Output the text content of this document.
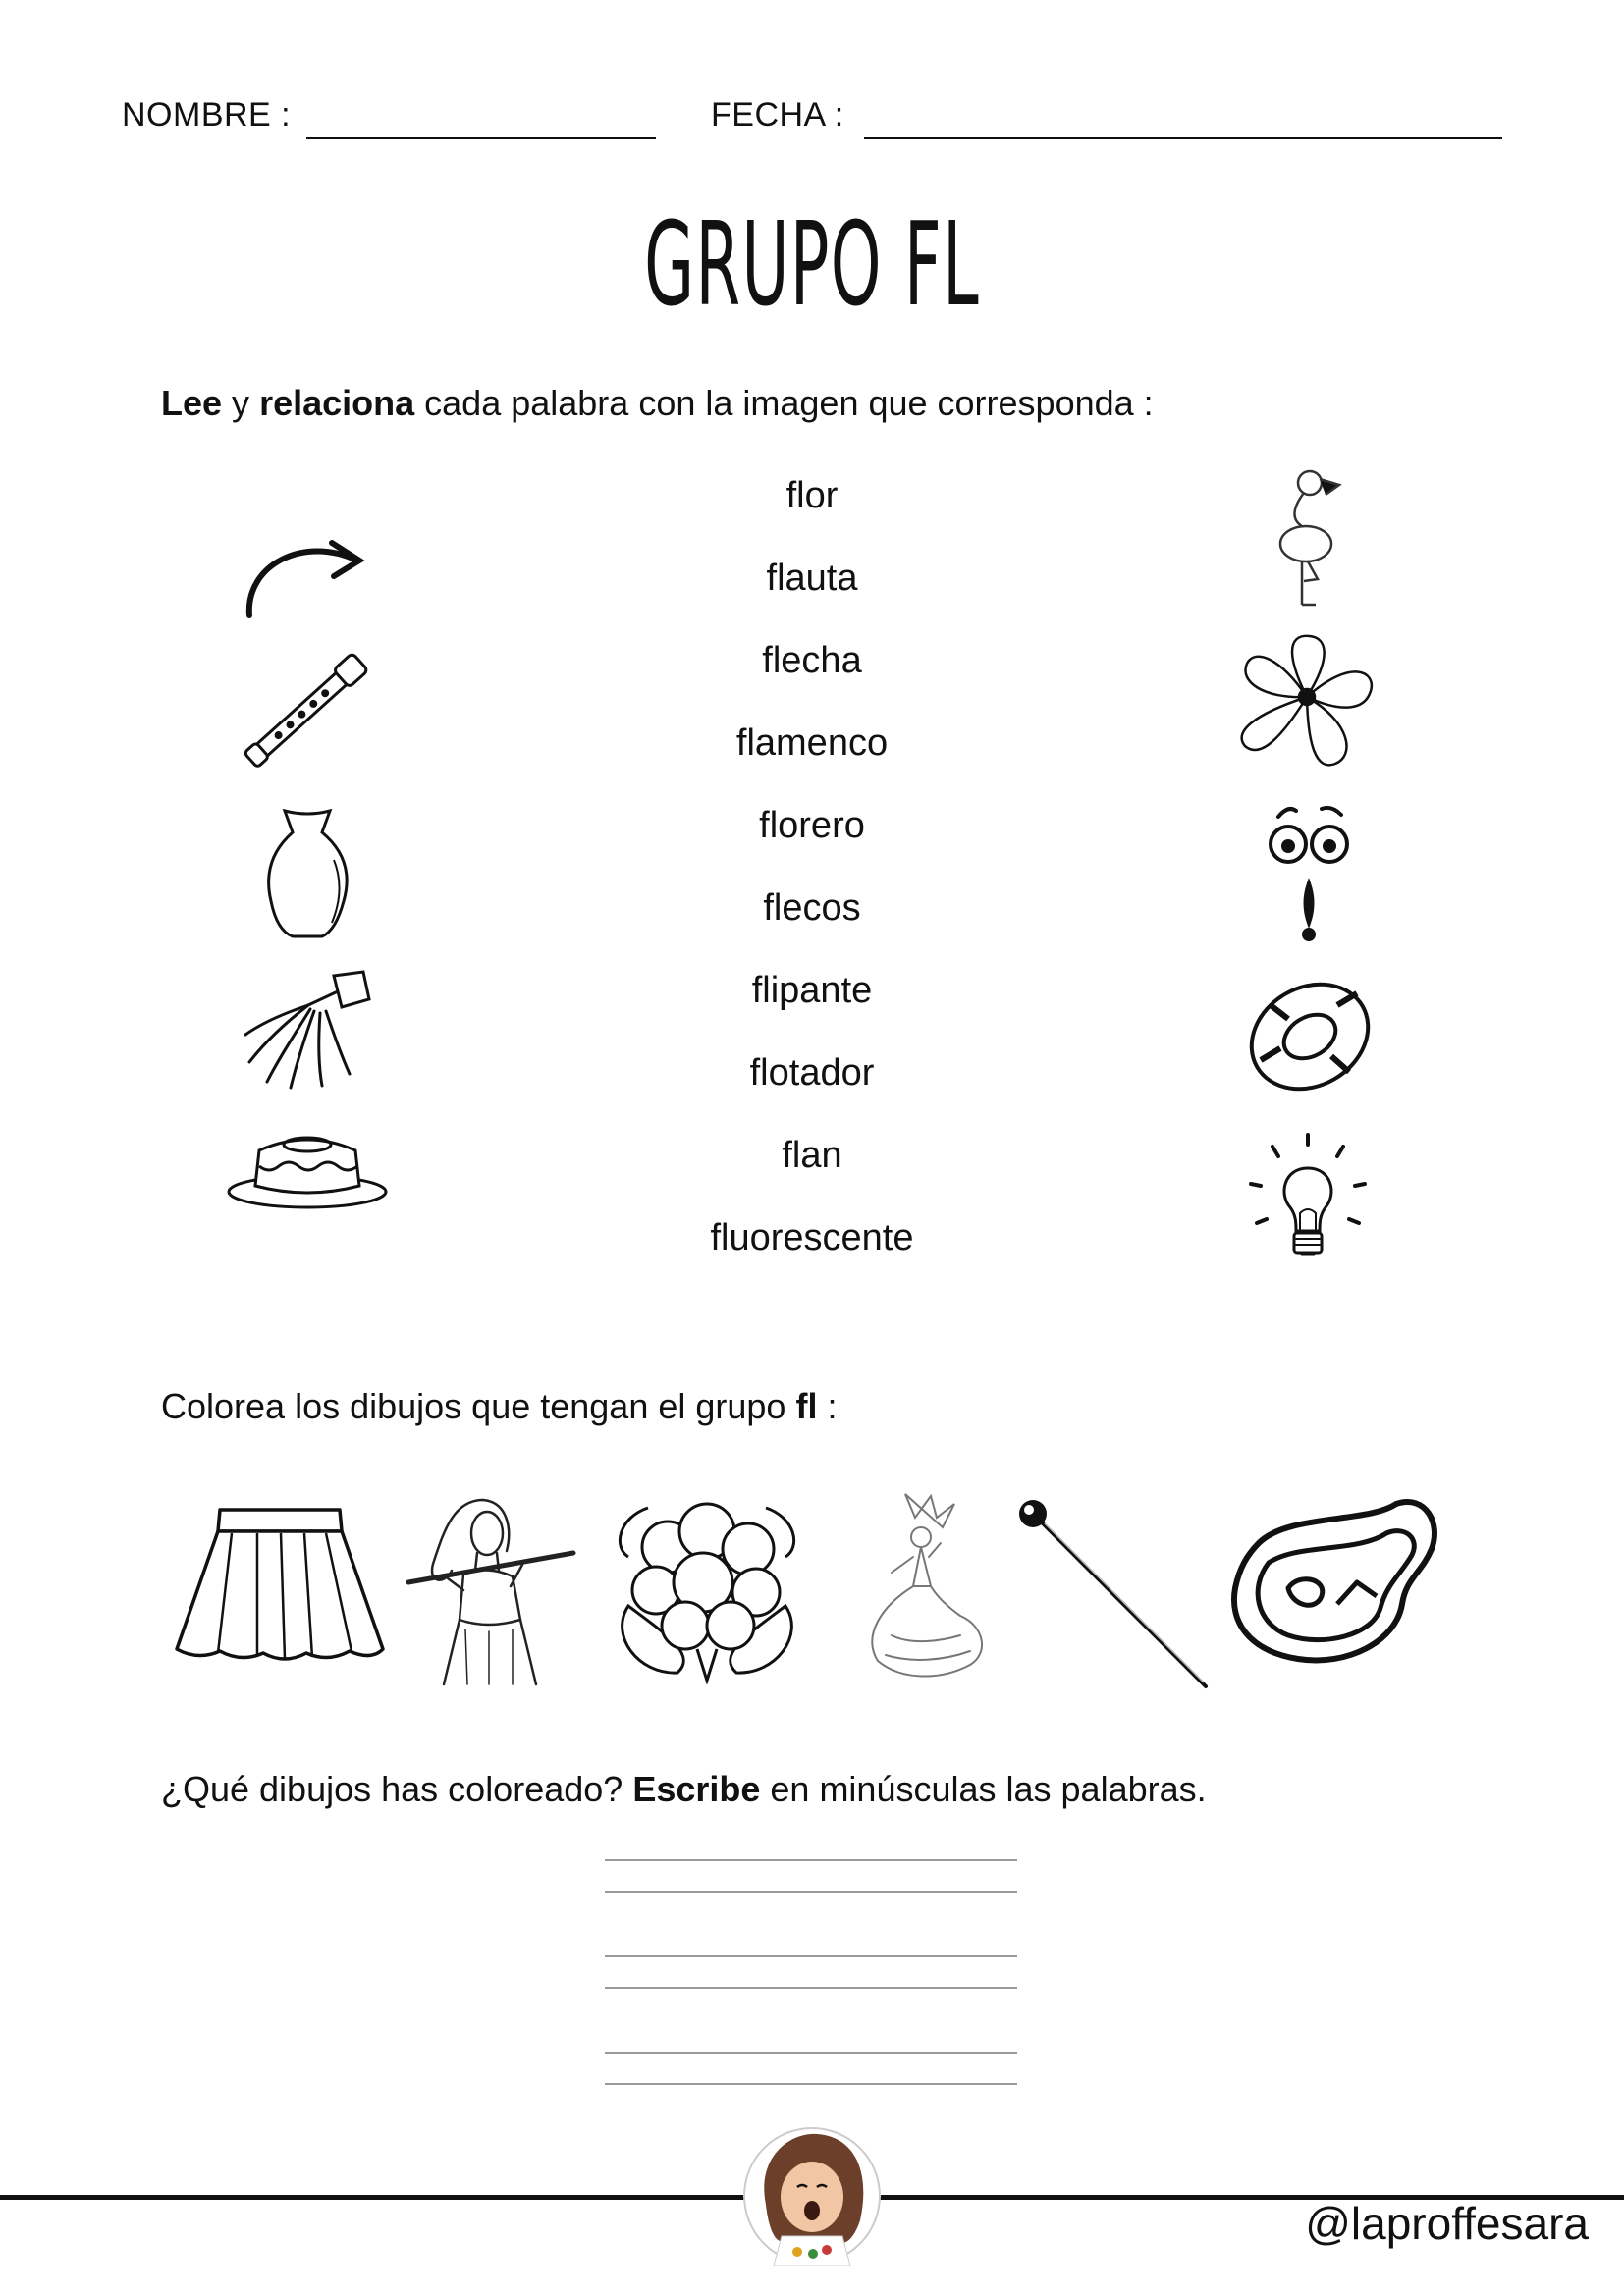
NOMBRE :	FECHA :
GRUPO FL
Lee y relaciona cada palabra con la imagen que corresponda :
flor
flauta
flecha
flamenco
florero
flecos
flipante
flotador
flan
fluorescente
Colorea los dibujos que tengan el grupo fl :
¿Qué dibujos has coloreado? Escribe en minúsculas las palabras.
@laproffesara
